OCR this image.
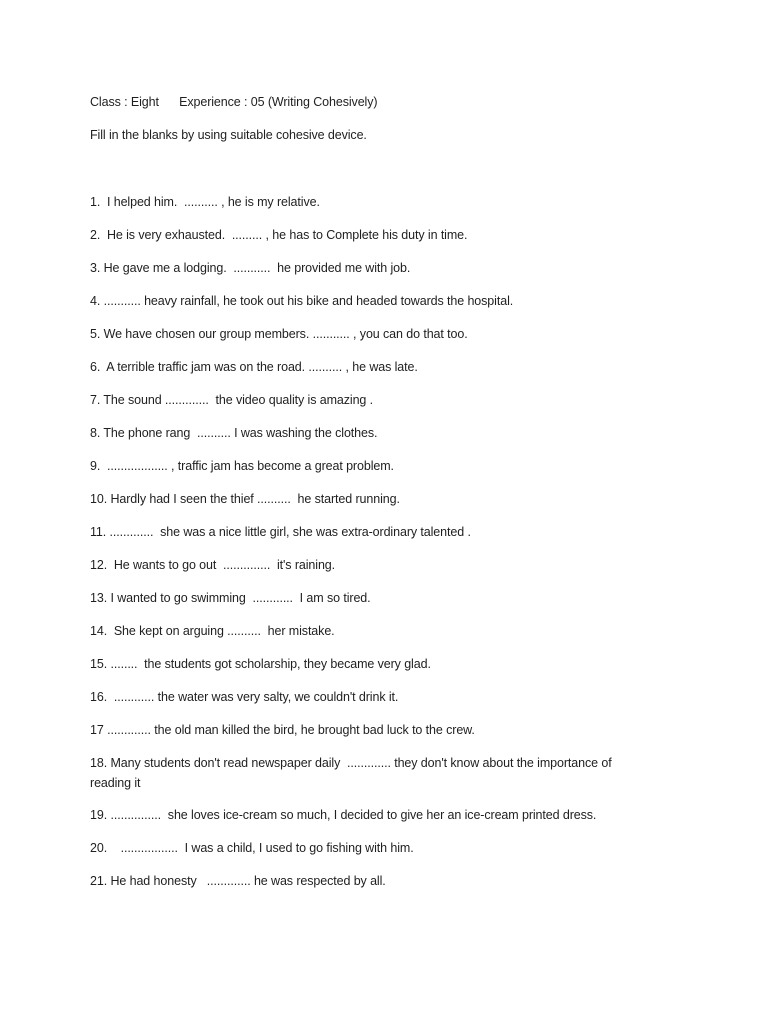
Class : Eight      Experience : 05 (Writing Cohesively)
Fill in the blanks by using suitable cohesive device.
1.  I helped him.  .......... , he is my relative.
2.  He is very exhausted.  ......... , he has to Complete his duty in time.
3. He gave me a lodging.  ...........  he provided me with job.
4. ........... heavy rainfall, he took out his bike and headed towards the hospital.
5. We have chosen our group members. ........... , you can do that too.
6.  A terrible traffic jam was on the road. .......... , he was late.
7. The sound .............  the video quality is amazing .
8. The phone rang  .......... I was washing the clothes.
9.  .................. , traffic jam has become a great problem.
10. Hardly had I seen the thief ..........  he started running.
11. .............  she was a nice little girl, she was extra-ordinary talented .
12.  He wants to go out  ..............  it's raining.
13. I wanted to go swimming  ............  I am so tired.
14.  She kept on arguing ..........  her mistake.
15. ........  the students got scholarship, they became very glad.
16.  ............ the water was very salty, we couldn't drink it.
17 ............. the old man killed the bird, he brought bad luck to the crew.
18. Many students don't read newspaper daily  ............. they don't know about the importance of reading it
19. ...............  she loves ice-cream so much, I decided to give her an ice-cream printed dress.
20.    .................  I was a child, I used to go fishing with him.
21. He had honesty   ............. he was respected by all.
